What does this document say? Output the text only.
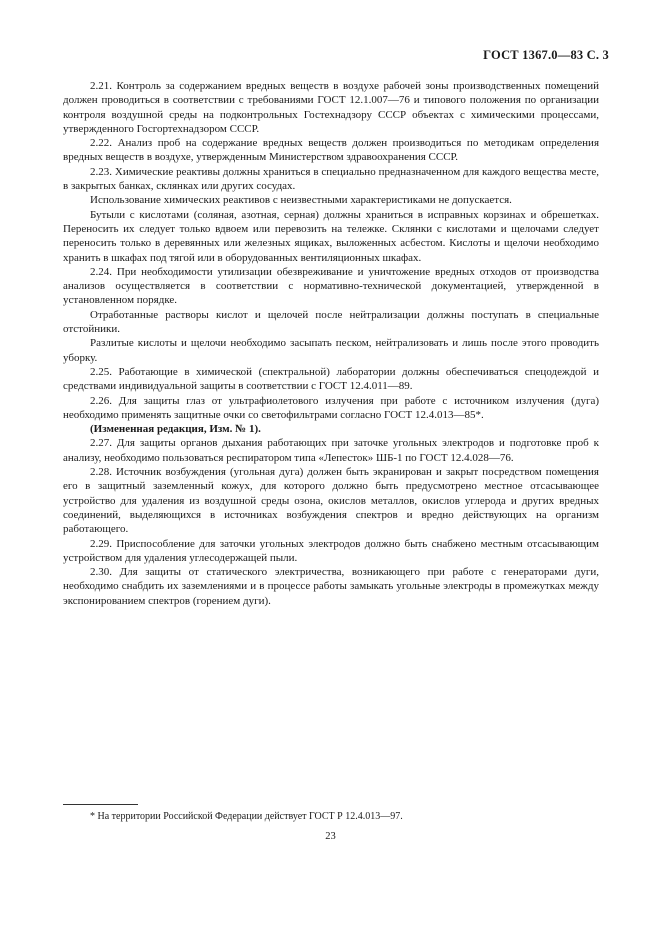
ГОСТ 1367.0—83 С. 3

2.21. Контроль за содержанием вредных веществ в воздухе рабочей зоны производственных помещений должен проводиться в соответствии с требованиями ГОСТ 12.1.007—76 и типового положения по организации контроля воздушной среды на подконтрольных Гостехнадзору СССР объектах с химическими процессами, утвержденного Госгортехнадзором СССР.

2.22. Анализ проб на содержание вредных веществ должен производиться по методикам определения вредных веществ в воздухе, утвержденным Министерством здравоохранения СССР.

2.23. Химические реактивы должны храниться в специально предназначенном для каждого вещества месте, в закрытых банках, склянках или других сосудах.

Использование химических реактивов с неизвестными характеристиками не допускается.

Бутыли с кислотами (соляная, азотная, серная) должны храниться в исправных корзинах и обрешетках. Переносить их следует только вдвоем или перевозить на тележке. Склянки с кислотами и щелочами следует переносить только в деревянных или железных ящиках, выложенных асбестом. Кислоты и щелочи необходимо хранить в шкафах под тягой или в оборудованных вентиляционных шкафах.

2.24. При необходимости утилизации обезвреживание и уничтожение вредных отходов от производства анализов осуществляется в соответствии с нормативно-технической документацией, утвержденной в установленном порядке.

Отработанные растворы кислот и щелочей после нейтрализации должны поступать в специальные отстойники.

Разлитые кислоты и щелочи необходимо засыпать песком, нейтрализовать и лишь после этого проводить уборку.

2.25. Работающие в химической (спектральной) лаборатории должны обеспечиваться спецодеждой и средствами индивидуальной защиты в соответствии с ГОСТ 12.4.011—89.

2.26. Для защиты глаз от ультрафиолетового излучения при работе с источником излучения (дуга) необходимо применять защитные очки со светофильтрами согласно ГОСТ 12.4.013—85*.

(Измененная редакция, Изм. № 1).

2.27. Для защиты органов дыхания работающих при заточке угольных электродов и подготовке проб к анализу, необходимо пользоваться респиратором типа «Лепесток» ШБ-1 по ГОСТ 12.4.028—76.

2.28. Источник возбуждения (угольная дуга) должен быть экранирован и закрыт посредством помещения его в защитный заземленный кожух, для которого должно быть предусмотрено местное отсасывающее устройство для удаления из воздушной среды озона, окислов металлов, окислов углерода и других вредных соединений, выделяющихся в источниках возбуждения спектров и вредно действующих на организм работающего.

2.29. Приспособление для заточки угольных электродов должно быть снабжено местным отсасывающим устройством для удаления углесодержащей пыли.

2.30. Для защиты от статического электричества, возникающего при работе с генераторами дуги, необходимо снабдить их заземлениями и в процессе работы замыкать угольные электроды в промежутках между экспонированием спектров (горением дуги).

* На территории Российской Федерации действует ГОСТ Р 12.4.013—97.
23
